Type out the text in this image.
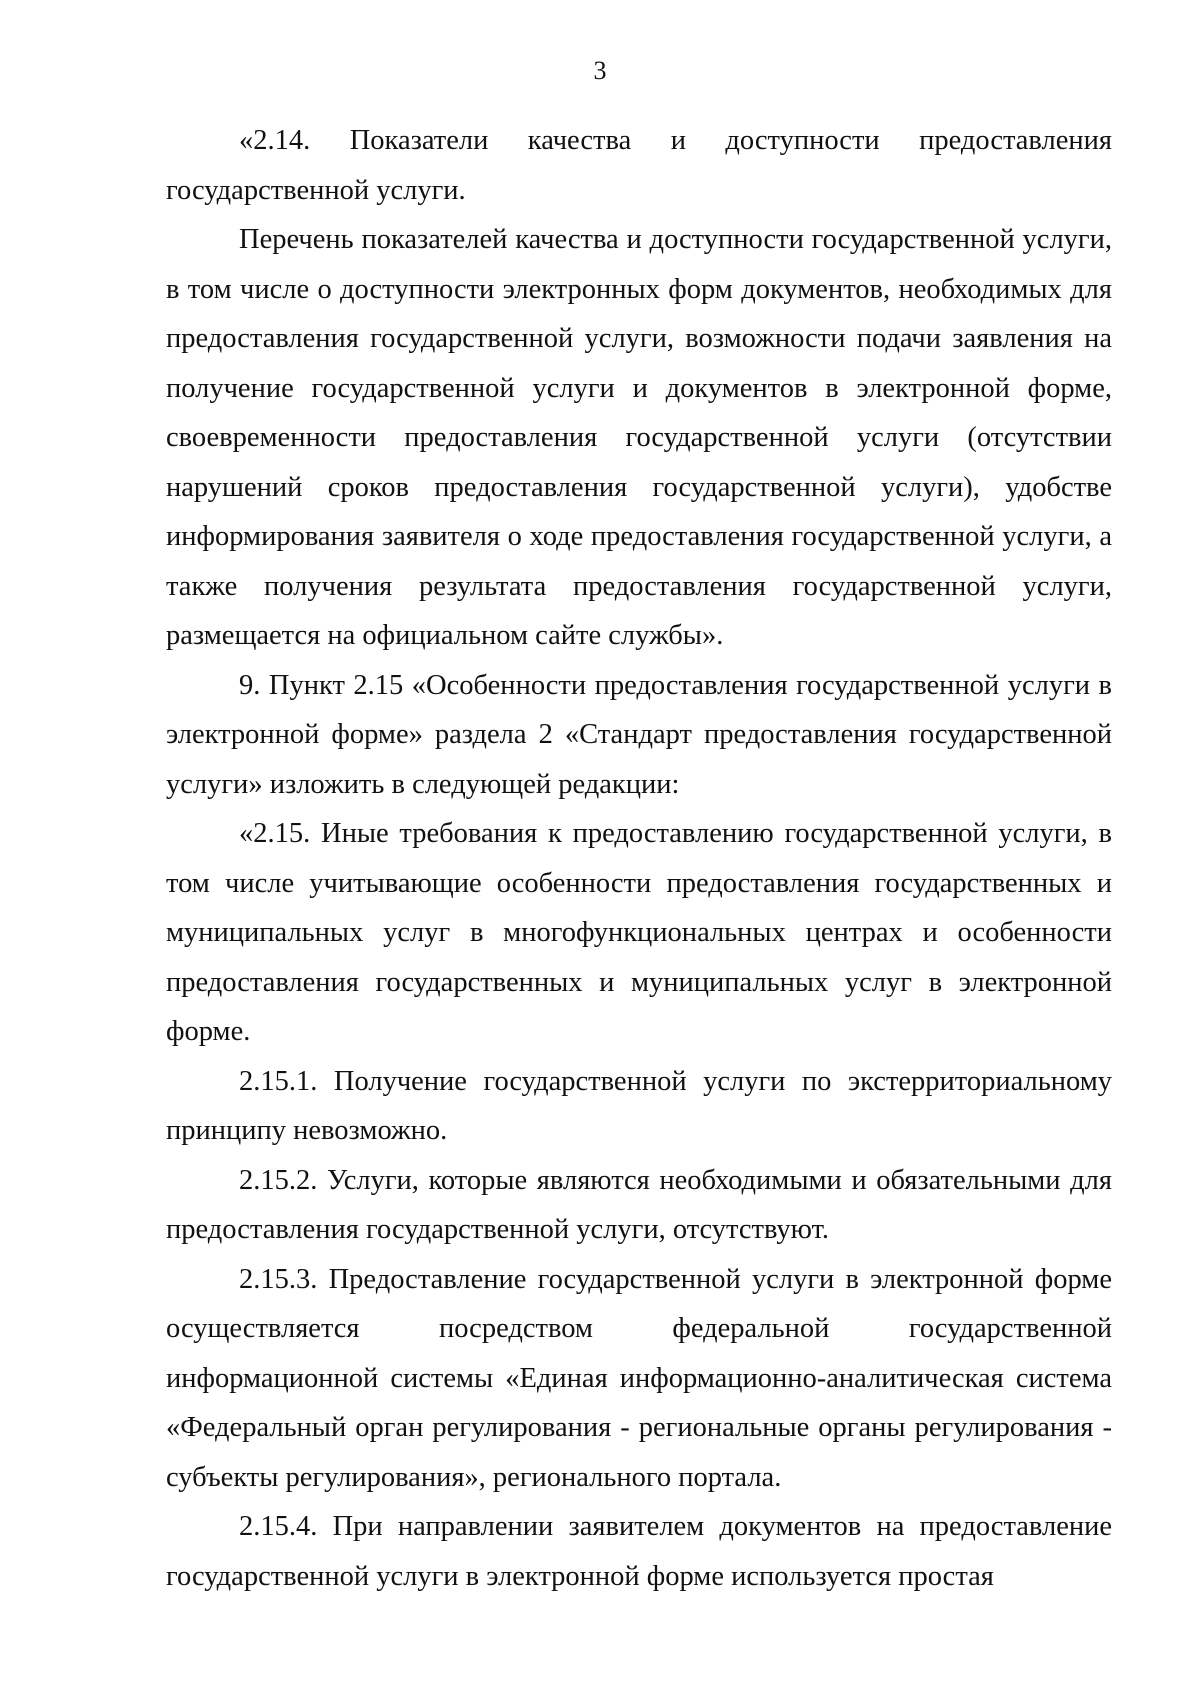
3

«2.14. Показатели качества и доступности предоставления государственной услуги.

Перечень показателей качества и доступности государственной услуги, в том числе о доступности электронных форм документов, необходимых для предоставления государственной услуги, возможности подачи заявления на получение государственной услуги и документов в электронной форме, своевременности предоставления государственной услуги (отсутствии нарушений сроков предоставления государственной услуги), удобстве информирования заявителя о ходе предоставления государственной услуги, а также получения результата предоставления государственной услуги, размещается на официальном сайте службы».

9. Пункт 2.15 «Особенности предоставления государственной услуги в электронной форме» раздела 2 «Стандарт предоставления государственной услуги» изложить в следующей редакции:

«2.15. Иные требования к предоставлению государственной услуги, в том числе учитывающие особенности предоставления государственных и муниципальных услуг в многофункциональных центрах и особенности предоставления государственных и муниципальных услуг в электронной форме.

2.15.1. Получение государственной услуги по экстерриториальному принципу невозможно.

2.15.2. Услуги, которые являются необходимыми и обязательными для предоставления государственной услуги, отсутствуют.

2.15.3. Предоставление государственной услуги в электронной форме осуществляется посредством федеральной государственной информационной системы «Единая информационно-аналитическая система «Федеральный орган регулирования - региональные органы регулирования - субъекты регулирования», регионального портала.

2.15.4. При направлении заявителем документов на предоставление государственной услуги в электронной форме используется простая
